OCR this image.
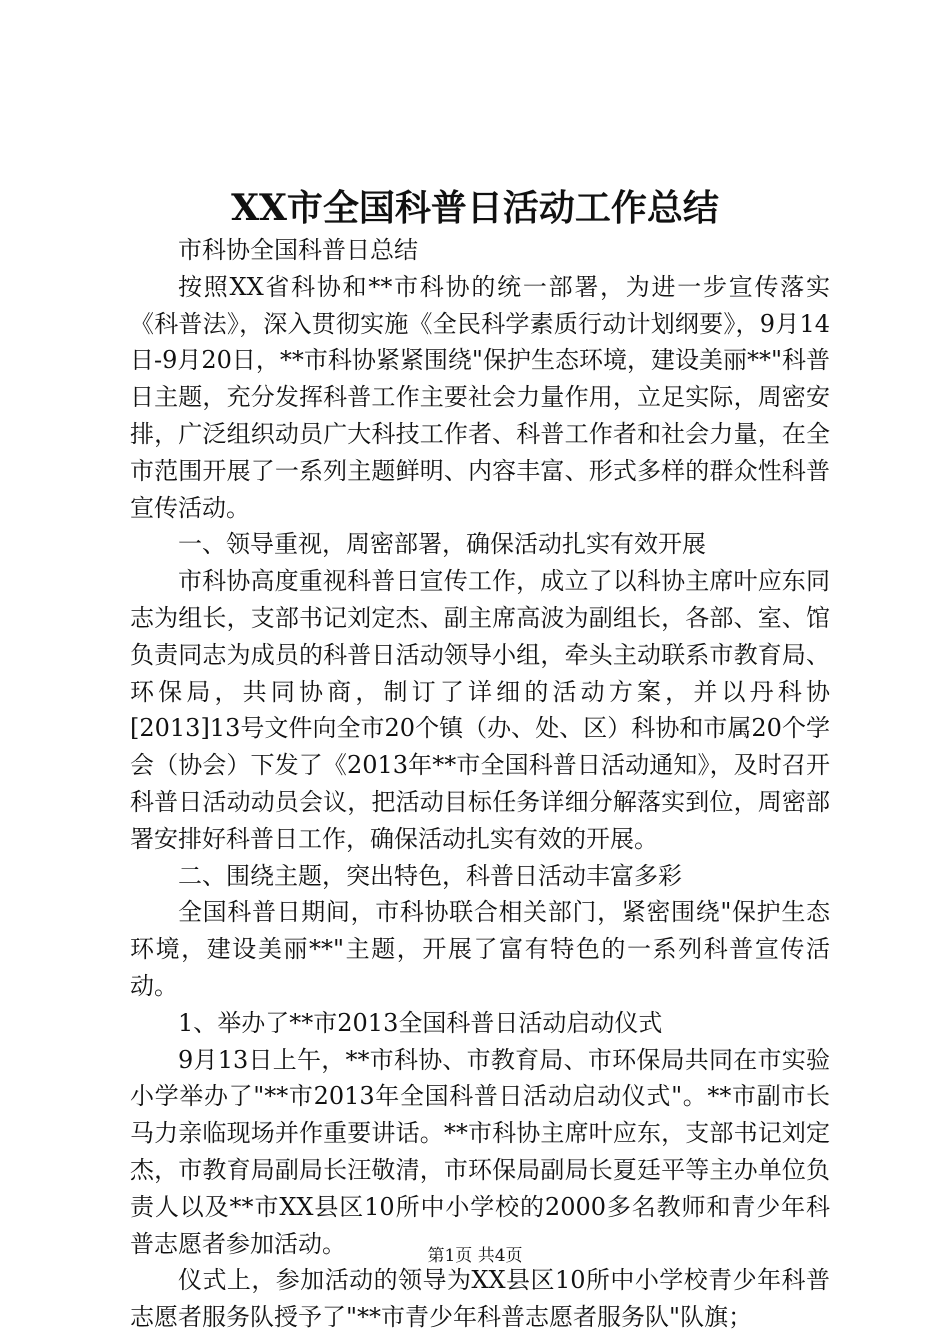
XX市全国科普日活动工作总结

市科协全国科普日总结

按照XX省科协和**市科协的统一部署，为进一步宣传落实《科普法》，深入贯彻实施《全民科学素质行动计划纲要》，9月14日-9月20日，**市科协紧紧围绕"保护生态环境，建设美丽**"科普日主题，充分发挥科普工作主要社会力量作用，立足实际，周密安排，广泛组织动员广大科技工作者、科普工作者和社会力量，在全市范围开展了一系列主题鲜明、内容丰富、形式多样的群众性科普宣传活动。

一、领导重视，周密部署，确保活动扎实有效开展

市科协高度重视科普日宣传工作，成立了以科协主席叶应东同志为组长，支部书记刘定杰、副主席高波为副组长，各部、室、馆负责同志为成员的科普日活动领导小组，牵头主动联系市教育局、环保局，共同协商，制订了详细的活动方案，并以丹科协[2013]13号文件向全市20个镇（办、处、区）科协和市属20个学会（协会）下发了《2013年**市全国科普日活动通知》，及时召开科普日活动动员会议，把活动目标任务详细分解落实到位，周密部署安排好科普日工作，确保活动扎实有效的开展。

二、围绕主题，突出特色，科普日活动丰富多彩

全国科普日期间，市科协联合相关部门，紧密围绕"保护生态环境，建设美丽**"主题，开展了富有特色的一系列科普宣传活动。

1、举办了**市2013全国科普日活动启动仪式

9月13日上午，**市科协、市教育局、市环保局共同在市实验小学举办了"**市2013年全国科普日活动启动仪式"。**市副市长马力亲临现场并作重要讲话。**市科协主席叶应东，支部书记刘定杰，市教育局副局长汪敬清，市环保局副局长夏廷平等主办单位负责人以及**市XX县区10所中小学校的2000多名教师和青少年科普志愿者参加活动。

仪式上，参加活动的领导为XX县区10所中小学校青少年科普志愿者服务队授予了"**市青少年科普志愿者服务队"队旗；

第1页 共4页
